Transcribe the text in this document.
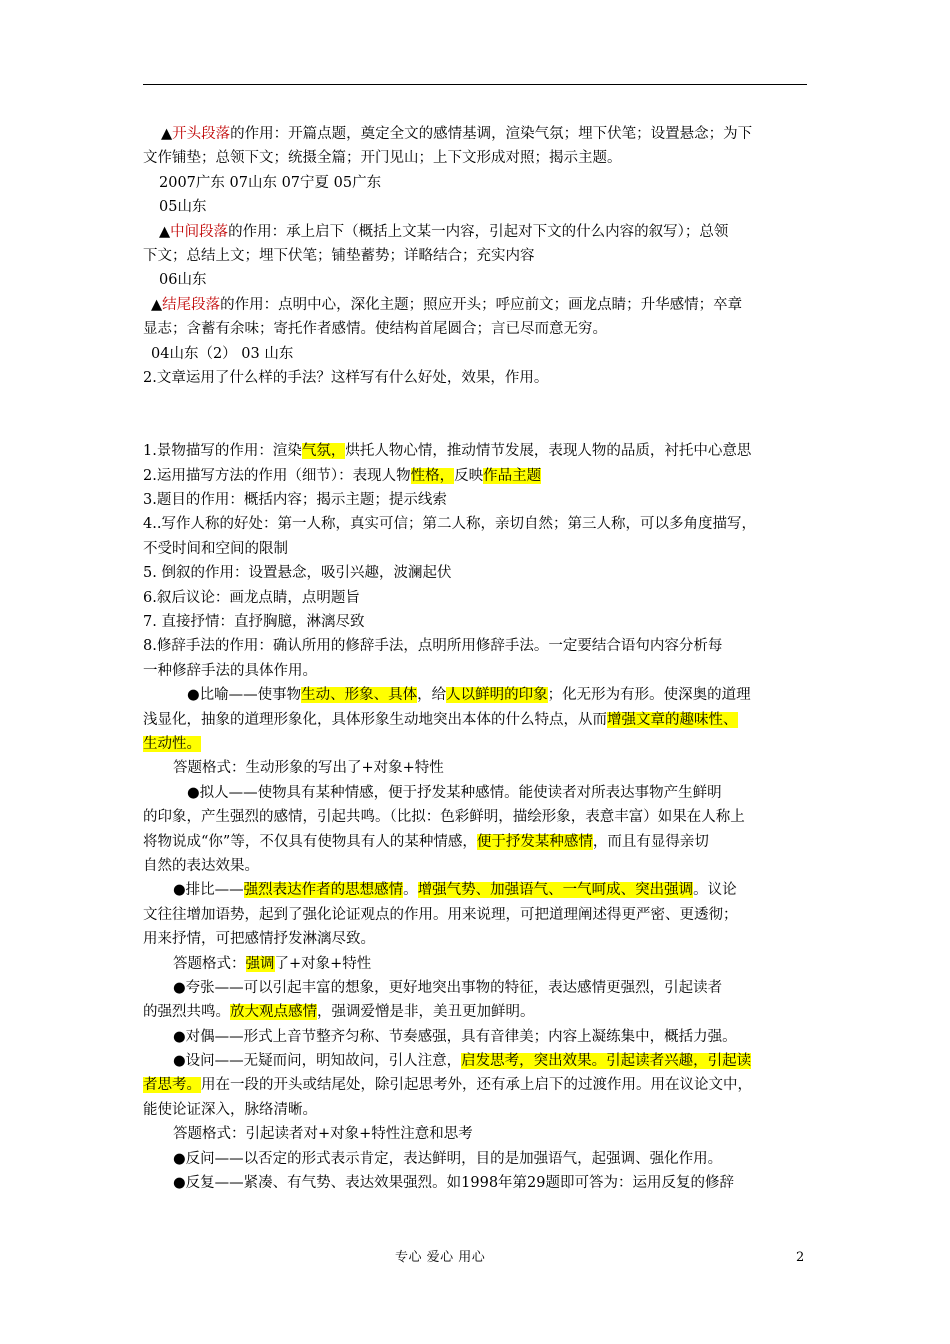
▲开头段落的作用：开篇点题，奠定全文的感情基调，渲染气氛；埋下伏笔；设置悬念；为下
文作铺垫；总领下文；统摄全篇；开门见山；上下文形成对照；揭示主题。
2007广东 07山东 07宁夏 05广东
05山东
▲中间段落的作用：承上启下（概括上文某一内容，引起对下文的什么内容的叙写）；总领
下文；总结上文；埋下伏笔；铺垫蓄势；详略结合；充实内容
06山东
▲结尾段落的作用：点明中心，深化主题；照应开头；呼应前文；画龙点睛；升华感情；卒章
显志；含蓄有余味；寄托作者感情。使结构首尾圆合；言已尽而意无穷。
04山东（2） 03 山东
2.文章运用了什么样的手法？这样写有什么好处，效果，作用。
1.景物描写的作用：渲染气氛，烘托人物心情，推动情节发展，表现人物的品质，衬托中心意思
2.运用描写方法的作用（细节）：表现人物性格，反映作品主题
3.题目的作用：概括内容；揭示主题；提示线索
4..写作人称的好处：第一人称，真实可信；第二人称，亲切自然；第三人称，可以多角度描写，
不受时间和空间的限制
5. 倒叙的作用：设置悬念，吸引兴趣，波澜起伏
6.叙后议论：画龙点睛，点明题旨
7. 直接抒情：直抒胸臆，淋漓尽致
8.修辞手法的作用：确认所用的修辞手法，点明所用修辞手法。一定要结合语句内容分析每
一种修辞手法的具体作用。
●比喻——使事物生动、形象、具体，给人以鲜明的印象；化无形为有形。使深奥的道理
浅显化，抽象的道理形象化，具体形象生动地突出本体的什么特点，从而增强文章的趣味性、
生动性。
答题格式：生动形象的写出了+对象+特性
●拟人——使物具有某种情感，便于抒发某种感情。能使读者对所表达事物产生鲜明
的印象，产生强烈的感情，引起共鸣。（比拟：色彩鲜明，描绘形象，表意丰富）如果在人称上
将物说成“你”等，不仅具有使物具有人的某种情感，便于抒发某种感情，而且有显得亲切
自然的表达效果。
●排比——强烈表达作者的思想感情。增强气势、加强语气、一气呵成、突出强调。议论
文往往增加语势，起到了强化论证观点的作用。用来说理，可把道理阐述得更严密、更透彻；
用来抒情，可把感情抒发淋漓尽致。
答题格式：强调了+对象+特性
●夸张——可以引起丰富的想象，更好地突出事物的特征，表达感情更强烈，引起读者
的强烈共鸣。放大观点感情，强调爱憎是非，美丑更加鲜明。
●对偶——形式上音节整齐匀称、节奏感强，具有音律美；内容上凝练集中，概括力强。
●设问——无疑而问，明知故问，引人注意，启发思考，突出效果。引起读者兴趣，引起读
者思考。用在一段的开头或结尾处，除引起思考外，还有承上启下的过渡作用。用在议论文中，
能使论证深入，脉络清晰。
答题格式：引起读者对+对象+特性注意和思考
●反问——以否定的形式表示肯定，表达鲜明，目的是加强语气，起强调、强化作用。
●反复——紧凑、有气势、表达效果强烈。如1998年第29题即可答为：运用反复的修辞
专心 爱心 用心	2
